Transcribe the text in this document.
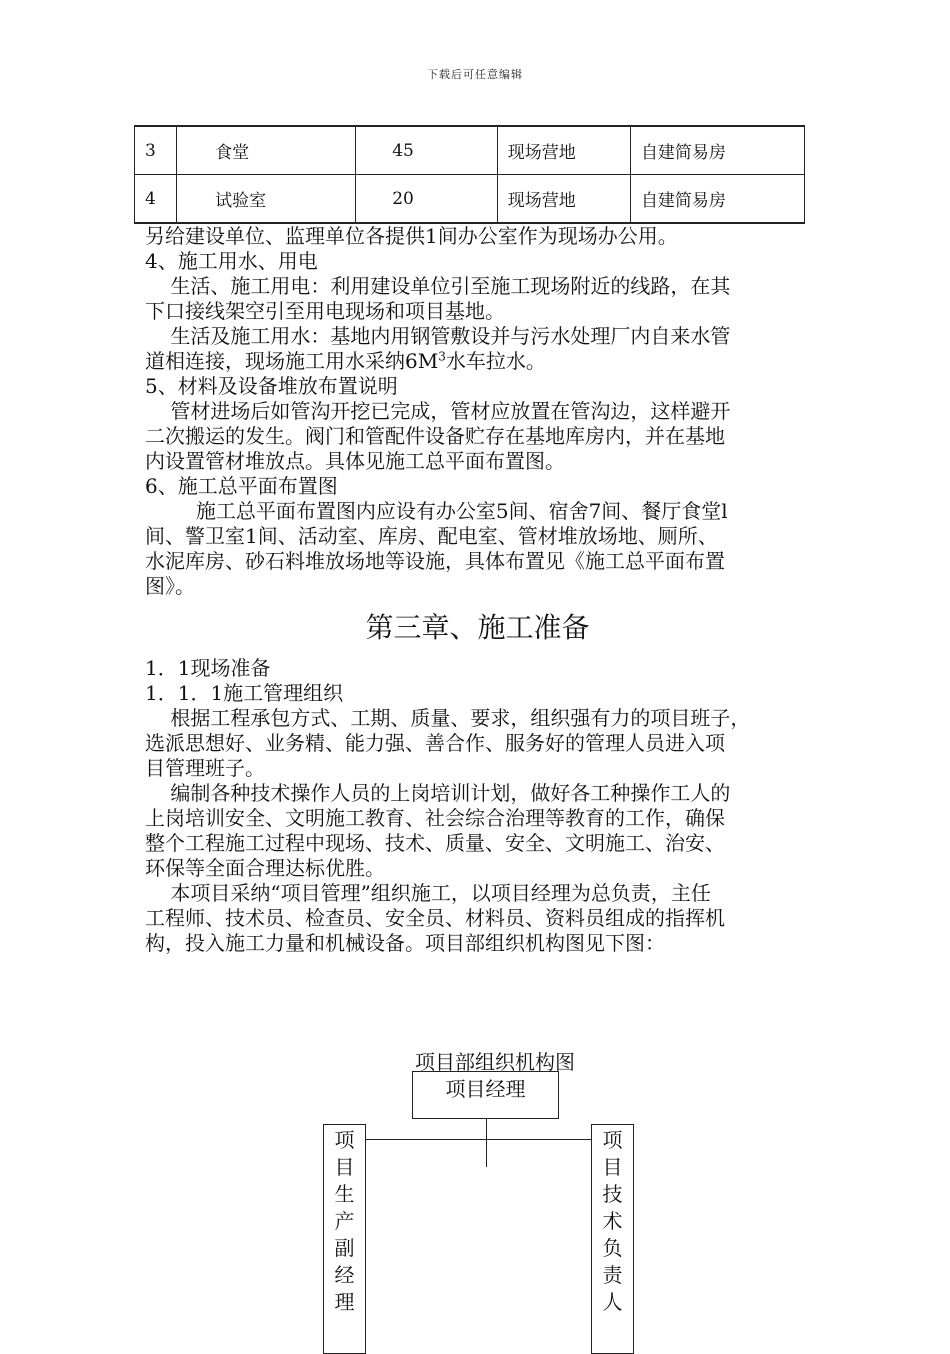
下载后可任意编辑
3	食堂	45	现场营地	自建简易房
4	试验室	20	现场营地	自建简易房

另给建设单位、监理单位各提供1间办公室作为现场办公用。

4、施工用水、用电

生活、施工用电：利用建设单位引至施工现场附近的线路，在其

下口接线架空引至用电现场和项目基地。

生活及施工用水：基地内用钢管敷设并与污水处理厂内自来水管

道相连接，现场施工用水采纳$6M^3$水车拉水。

5、材料及设备堆放布置说明

管材进场后如管沟开挖已完成，管材应放置在管沟边，这样避开

二次搬运的发生。阀门和管配件设备贮存在基地库房内，并在基地

内设置管材堆放点。具体见施工总平面布置图。

6、施工总平面布置图

施工总平面布置图内应设有办公室5间、宿舍7间、餐厅食堂l

间、警卫室1间、活动室、库房、配电室、管材堆放场地、厕所、

水泥库房、砂石料堆放场地等设施，具体布置见《施工总平面布置

图》。

第三章、施工准备

1．1现场准备

1．1．1施工管理组织

根据工程承包方式、工期、质量、要求，组织强有力的项目班子，

选派思想好、业务精、能力强、善合作、服务好的管理人员进入项

目管理班子。

编制各种技术操作人员的上岗培训计划，做好各工种操作工人的

上岗培训安全、文明施工教育、社会综合治理等教育的工作，确保

整个工程施工过程中现场、技术、质量、安全、文明施工、治安、

环保等全面合理达标优胜。

本项目采纳“项目管理”组织施工，以项目经理为总负责，主任

工程师、技术员、检查员、安全员、材料员、资料员组成的指挥机

构，投入施工力量和机械设备。项目部组织机构图见下图：

项目部组织机构图
项目经理
项
目
生
产
副
经
理
项
目
技
术
负
责
人
